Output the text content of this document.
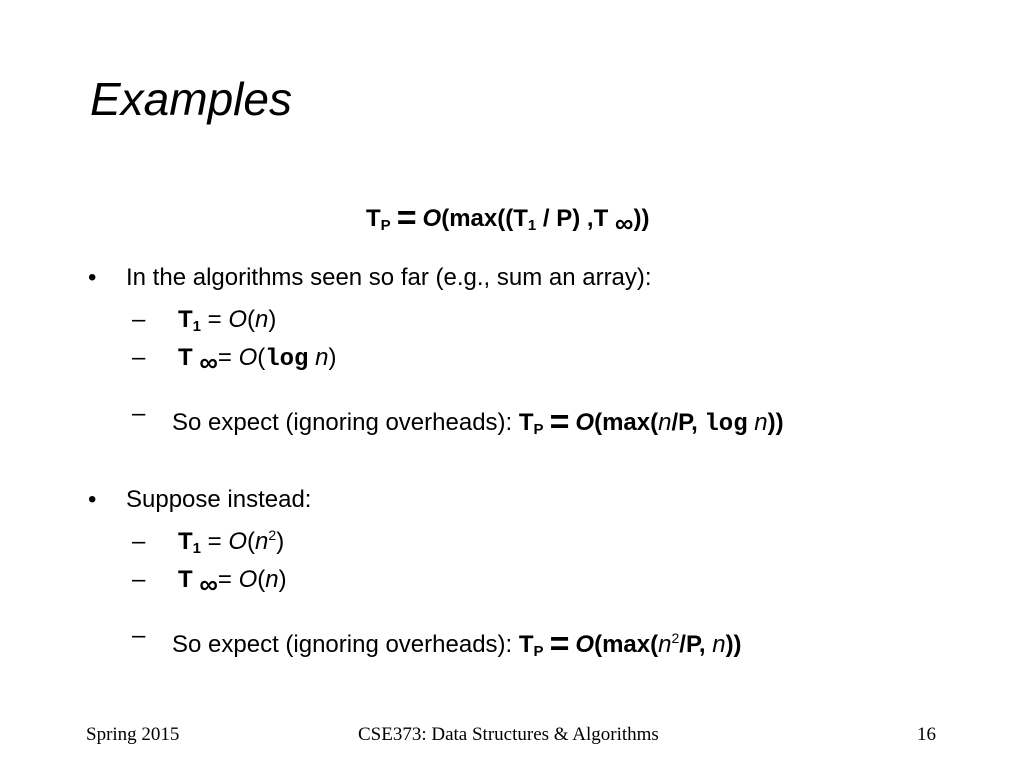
Examples
$T_P = O(\max((T_1 / P)$ ,T ∞))
• In the algorithms seen so far (e.g., sum an array):
– $T_1 = O(n)$
– T ∞= O(log n)
– So expect (ignoring overheads): $T_P = O(\max(n/P$, log n))
• Suppose instead:
– $T_1 = O(n^2)$
– T ∞= O(n)
– So expect (ignoring overheads): $T_P = O(\max(n^2/P$, n))
Spring 2015	CSE373: Data Structures & Algorithms	16
